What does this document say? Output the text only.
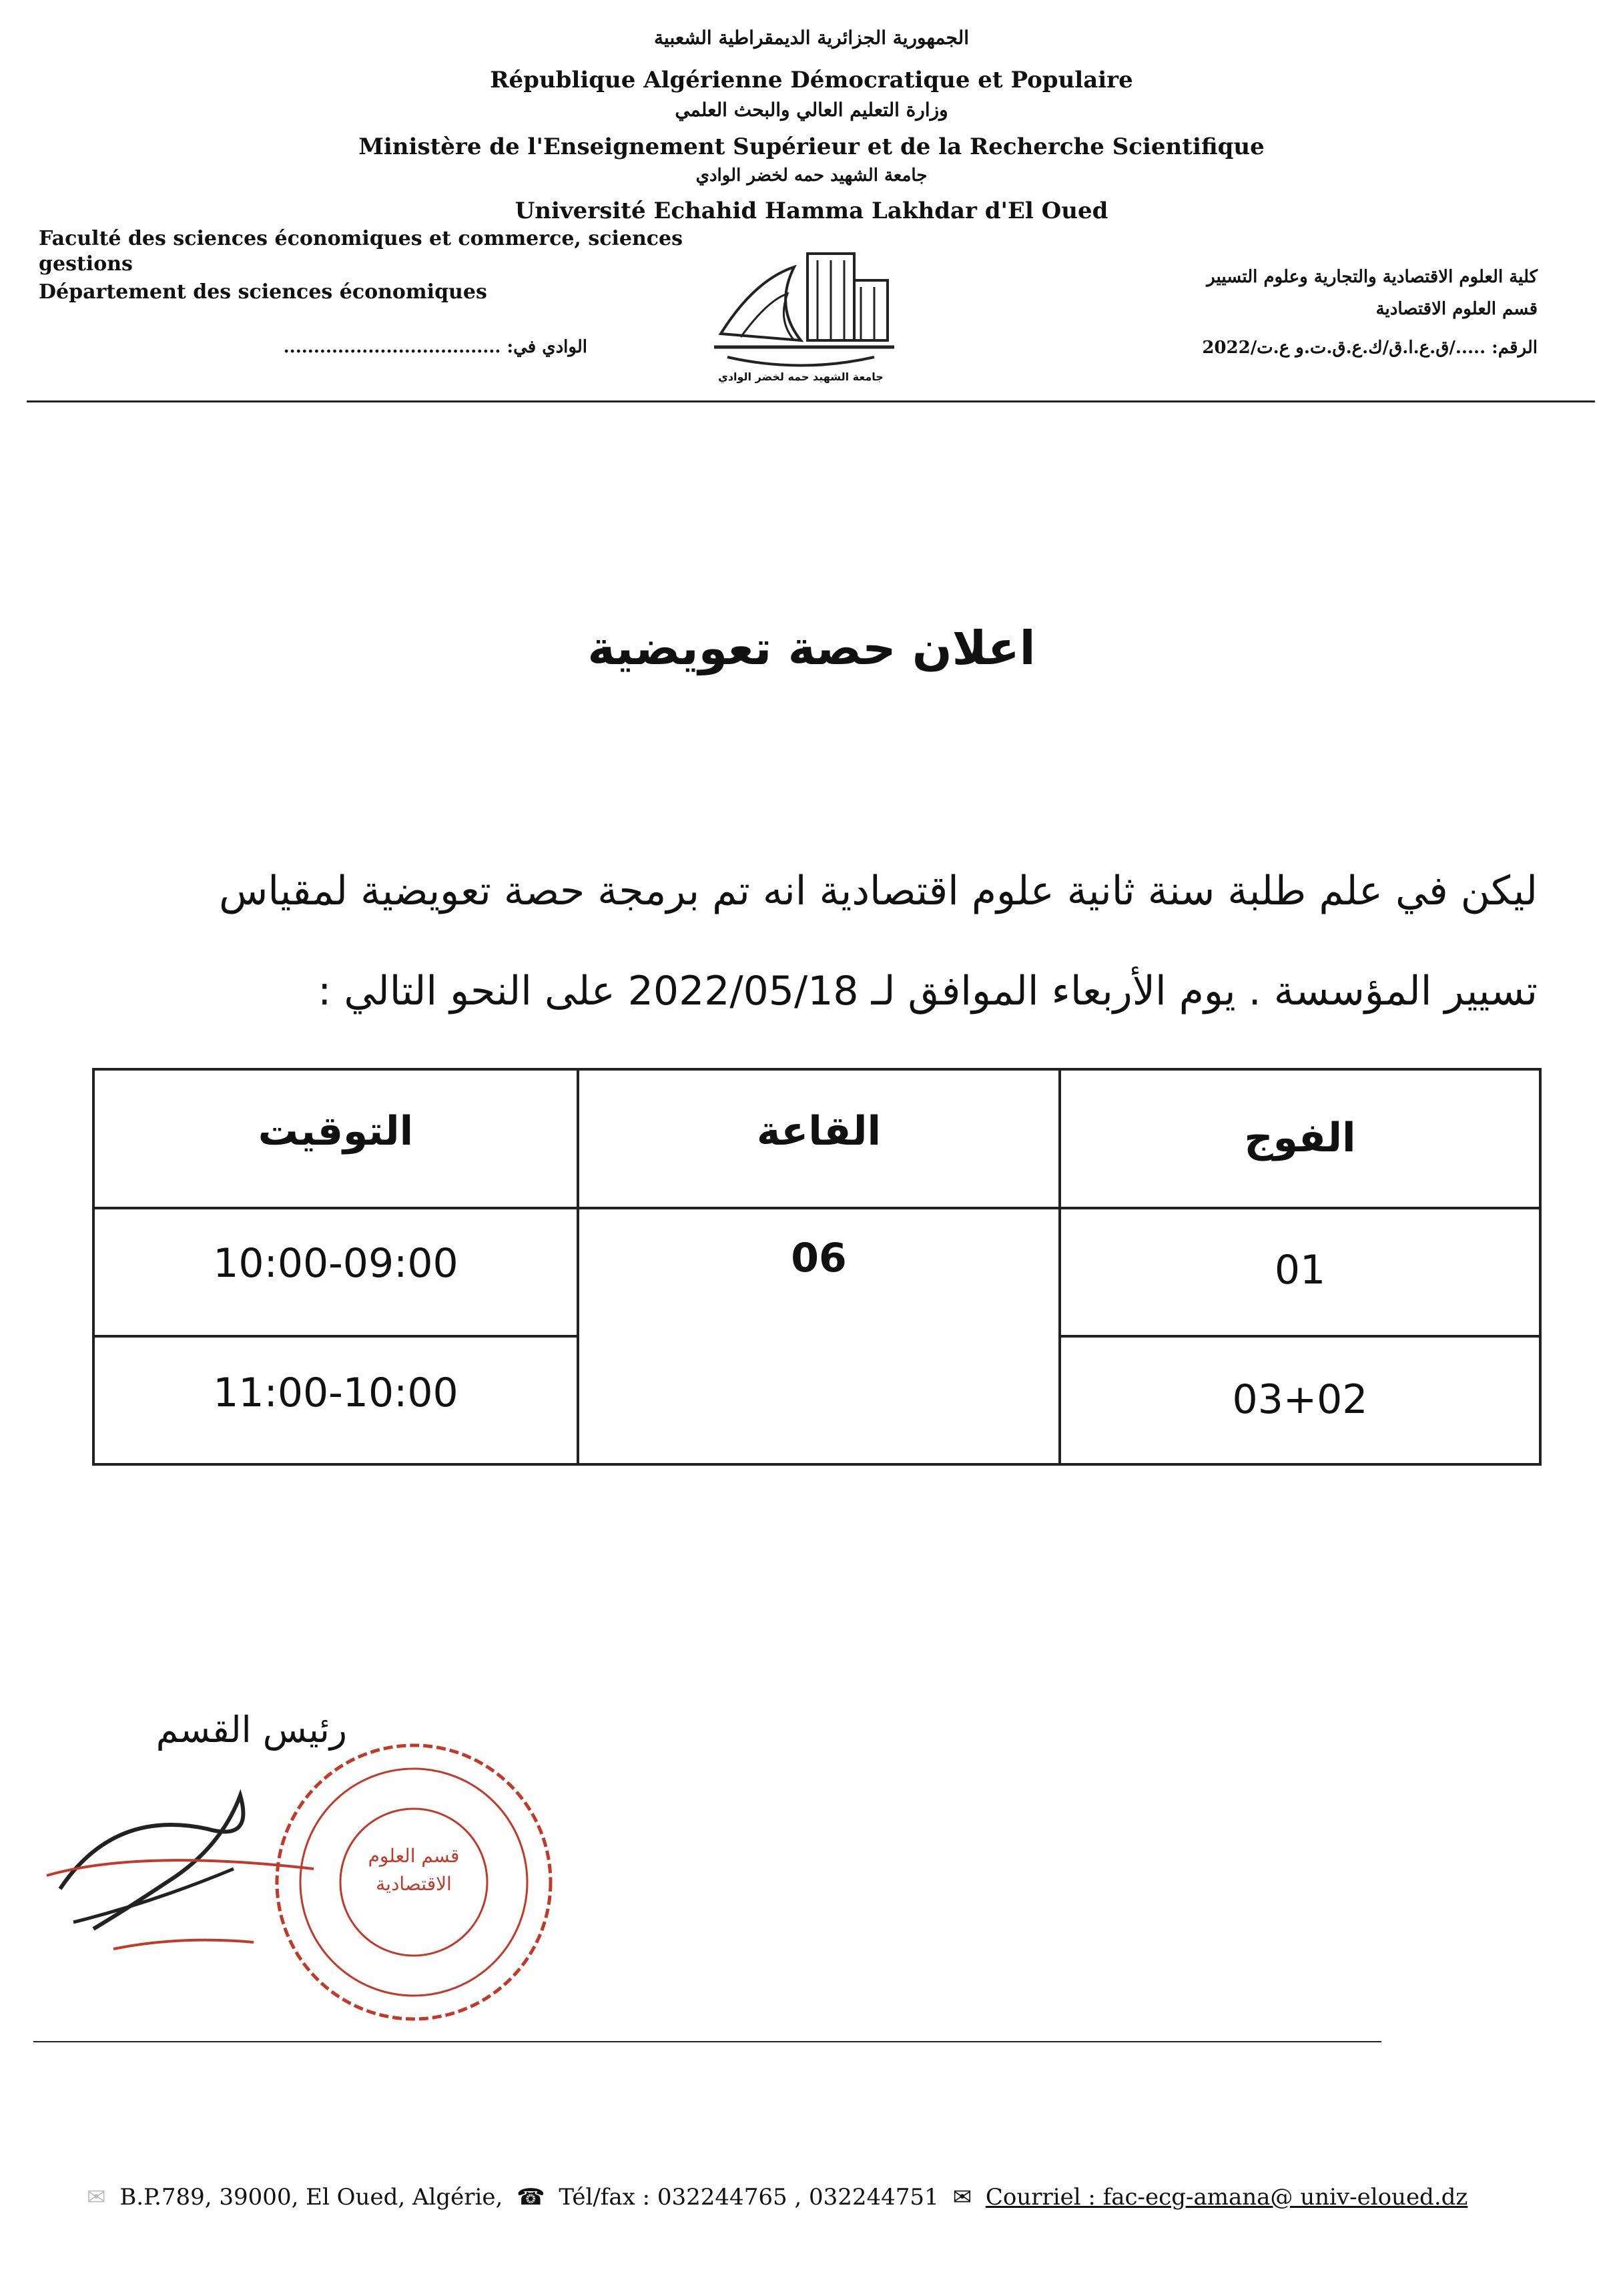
الجمهورية الجزائرية الديمقراطية الشعبية
République Algérienne Démocratique et Populaire
وزارة التعليم العالي والبحث العلمي
Ministère de l'Enseignement Supérieur et de la Recherche Scientifique
جامعة الشهيد حمه لخضر الوادي
Université Echahid Hamma Lakhdar d'El Oued
Faculté des sciences économiques et commerce, sciences
gestions
Département des sciences économiques
الوادي في: ....................................
كلية العلوم الاقتصادية والتجارية وعلوم التسيير
قسم العلوم الاقتصادية
الرقم: ...../ق.ع.ا.ق/ك.ع.ق.ت.و ع.ت/2022
جامعة الشهيد حمه لخضر الوادي
اعلان حصة تعويضية
ليكن في علم طلبة سنة ثانية علوم اقتصادية انه تم برمجة حصة تعويضية لمقياس
تسيير المؤسسة . يوم الأربعاء الموافق لـ 2022/05/18 على النحو التالي :
الفوج
القاعة
التوقيت
01
06
10:00-09:00
03+02
11:00-10:00
رئيس القسم
قسم العلوم الاقتصادية
✉ B.P.789, 39000, El Oued, Algérie, ☎ Tél/fax : 032244765 , 032244751 ✉ Courriel : fac-ecg-amana@ univ-eloued.dz
